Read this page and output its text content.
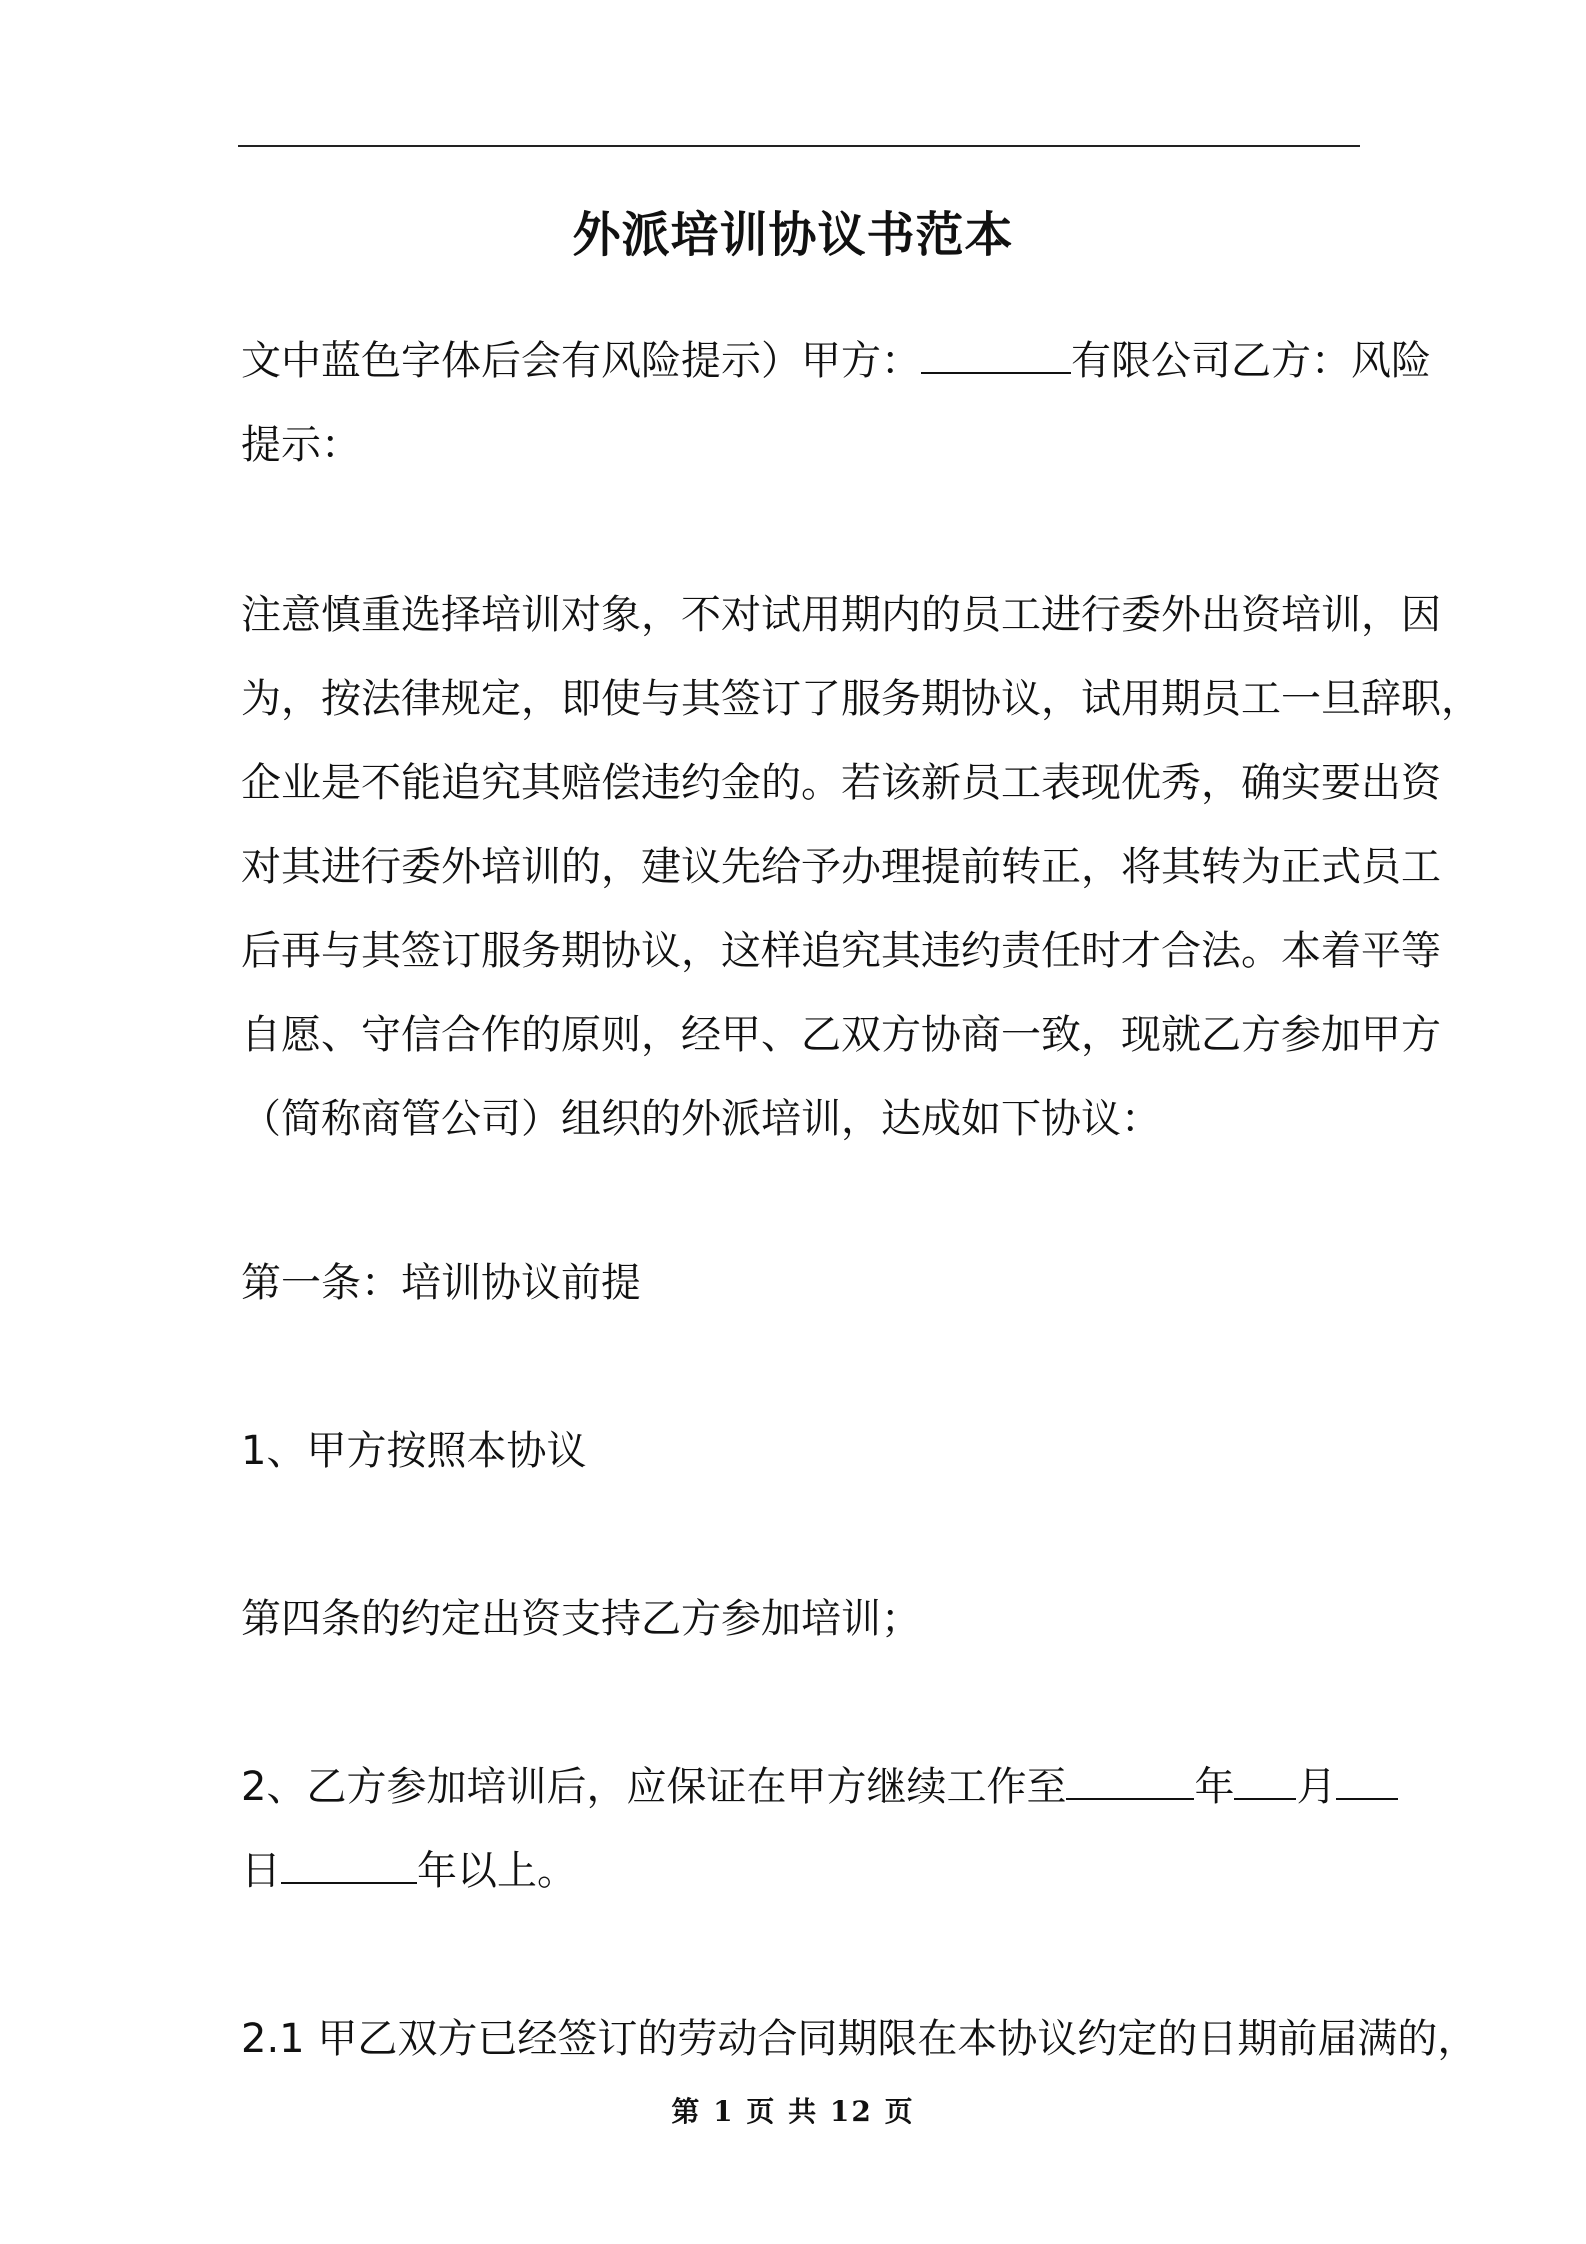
外派培训协议书范本
文中蓝色字体后会有风险提示）甲方：	有限公司乙方：风险
提示：
注意慎重选择培训对象，不对试用期内的员工进行委外出资培训，因
为，按法律规定，即使与其签订了服务期协议，试用期员工一旦辞职，
企业是不能追究其赔偿违约金的。若该新员工表现优秀，确实要出资
对其进行委外培训的，建议先给予办理提前转正，将其转为正式员工
后再与其签订服务期协议，这样追究其违约责任时才合法。本着平等
自愿、守信合作的原则，经甲、乙双方协商一致，现就乙方参加甲方
（简称商管公司）组织的外派培训，达成如下协议：
第一条：培训协议前提
1、甲方按照本协议
第四条的约定出资支持乙方参加培训；
2、乙方参加培训后，应保证在甲方继续工作至	年 月
日	年以上。
2.1 甲乙双方已经签订的劳动合同期限在本协议约定的日期前届满的，
第 1 页 共 12 页
